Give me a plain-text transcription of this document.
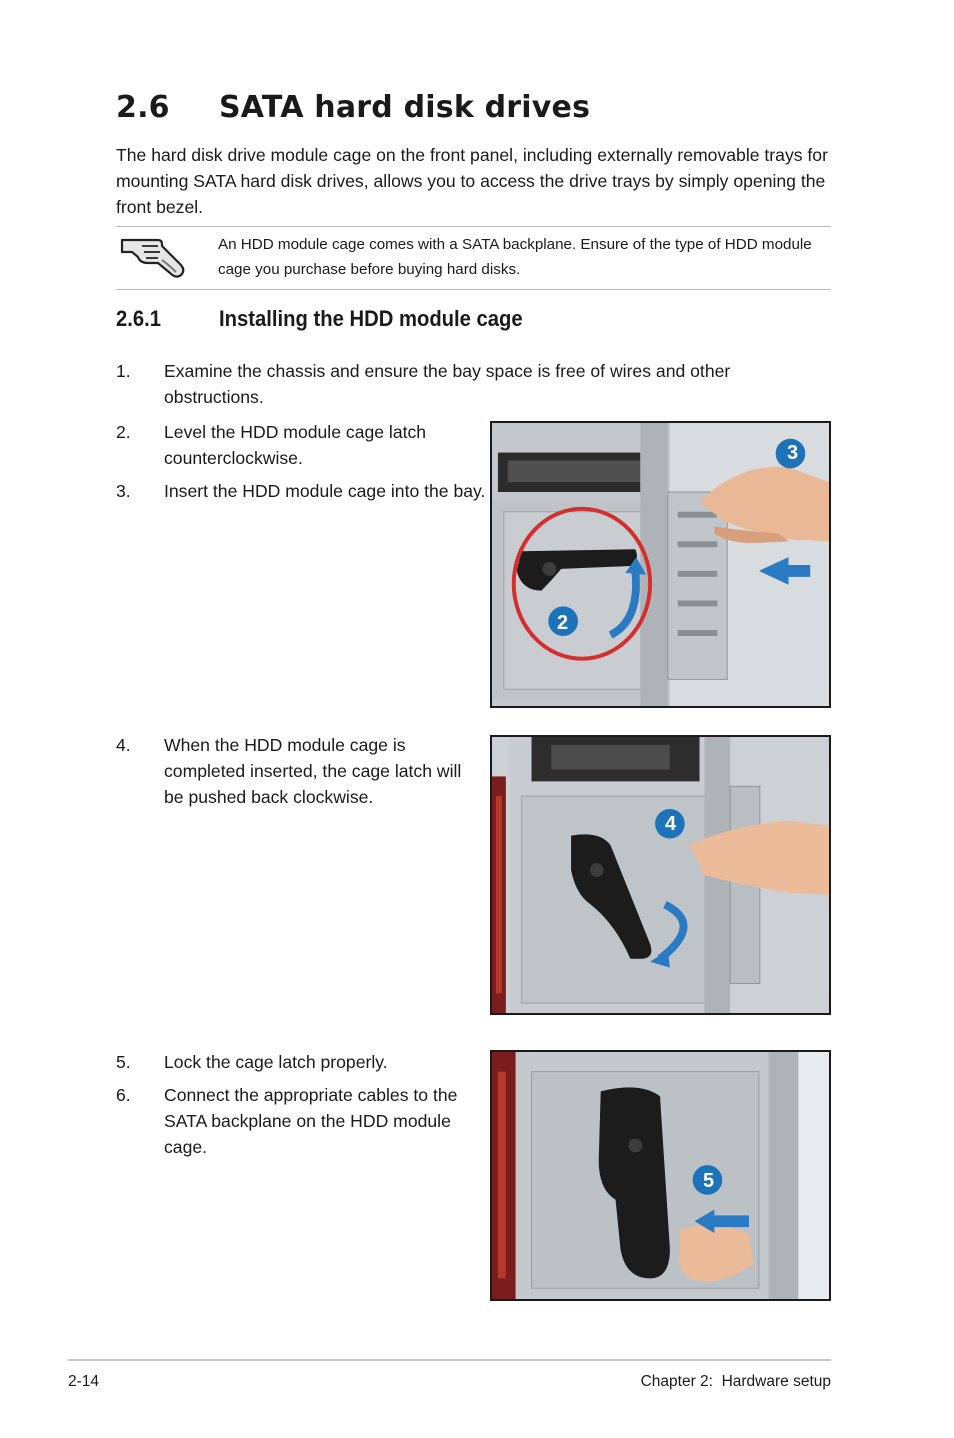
2.6 SATA hard disk drives
The hard disk drive module cage on the front panel, including externally removable trays for mounting SATA hard disk drives, allows you to access the drive trays by simply opening the front bezel.
An HDD module cage comes with a SATA backplane. Ensure of the type of HDD module cage you purchase before buying hard disks.
2.6.1	Installing the HDD module cage
1. Examine the chassis and ensure the bay space is free of wires and other obstructions.
2. Level the HDD module cage latch counterclockwise.
3. Insert the HDD module cage into the bay.
4. When the HDD module cage is completed inserted, the cage latch will be pushed back clockwise.
5. Lock the cage latch properly.
6. Connect the appropriate cables to the SATA backplane on the HDD module cage.
3
2
4
5
2-14	Chapter 2:  Hardware setup
